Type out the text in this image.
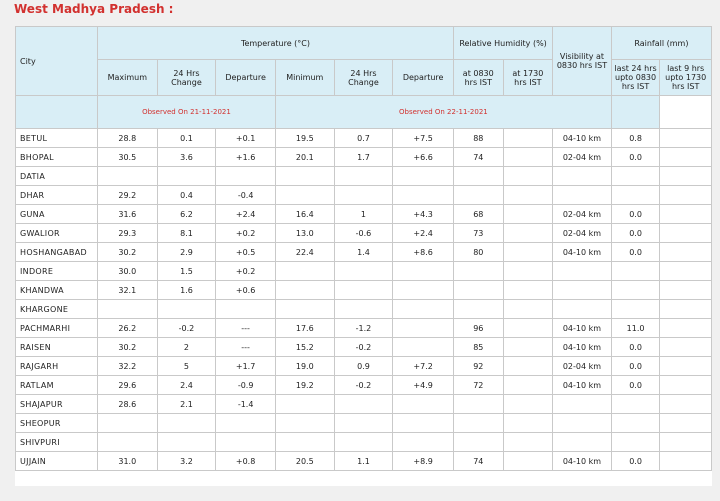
West Madhya Pradesh :
City	Temperature (°C)						Relative Humidity (%)		Visibility at 0830 hrs IST	Rainfall (mm)	
	Maximum	24 Hrs Change	Departure	Minimum	24 Hrs Change	Departure	at 0830 hrs IST	at 1730 hrs IST		last 24 hrs upto 0830 hrs IST	last 9 hrs upto 1730 hrs IST
	Observed On 21-11-2021			Observed On 22-11-2021							
BETUL	28.8	0.1	+0.1	19.5	0.7	+7.5	88		04-10 km	0.8	
BHOPAL	30.5	3.6	+1.6	20.1	1.7	+6.6	74		02-04 km	0.0	
DATIA											
DHAR	29.2	0.4	-0.4								
GUNA	31.6	6.2	+2.4	16.4	1	+4.3	68		02-04 km	0.0	
GWALIOR	29.3	8.1	+0.2	13.0	-0.6	+2.4	73		02-04 km	0.0	
HOSHANGABAD	30.2	2.9	+0.5	22.4	1.4	+8.6	80		04-10 km	0.0	
INDORE	30.0	1.5	+0.2								
KHANDWA	32.1	1.6	+0.6								
KHARGONE											
PACHMARHI	26.2	-0.2	---	17.6	-1.2		96		04-10 km	11.0	
RAISEN	30.2	2	---	15.2	-0.2		85		04-10 km	0.0	
RAJGARH	32.2	5	+1.7	19.0	0.9	+7.2	92		02-04 km	0.0	
RATLAM	29.6	2.4	-0.9	19.2	-0.2	+4.9	72		04-10 km	0.0	
SHAJAPUR	28.6	2.1	-1.4								
SHEOPUR											
SHIVPURI											
UJJAIN	31.0	3.2	+0.8	20.5	1.1	+8.9	74		04-10 km	0.0	
